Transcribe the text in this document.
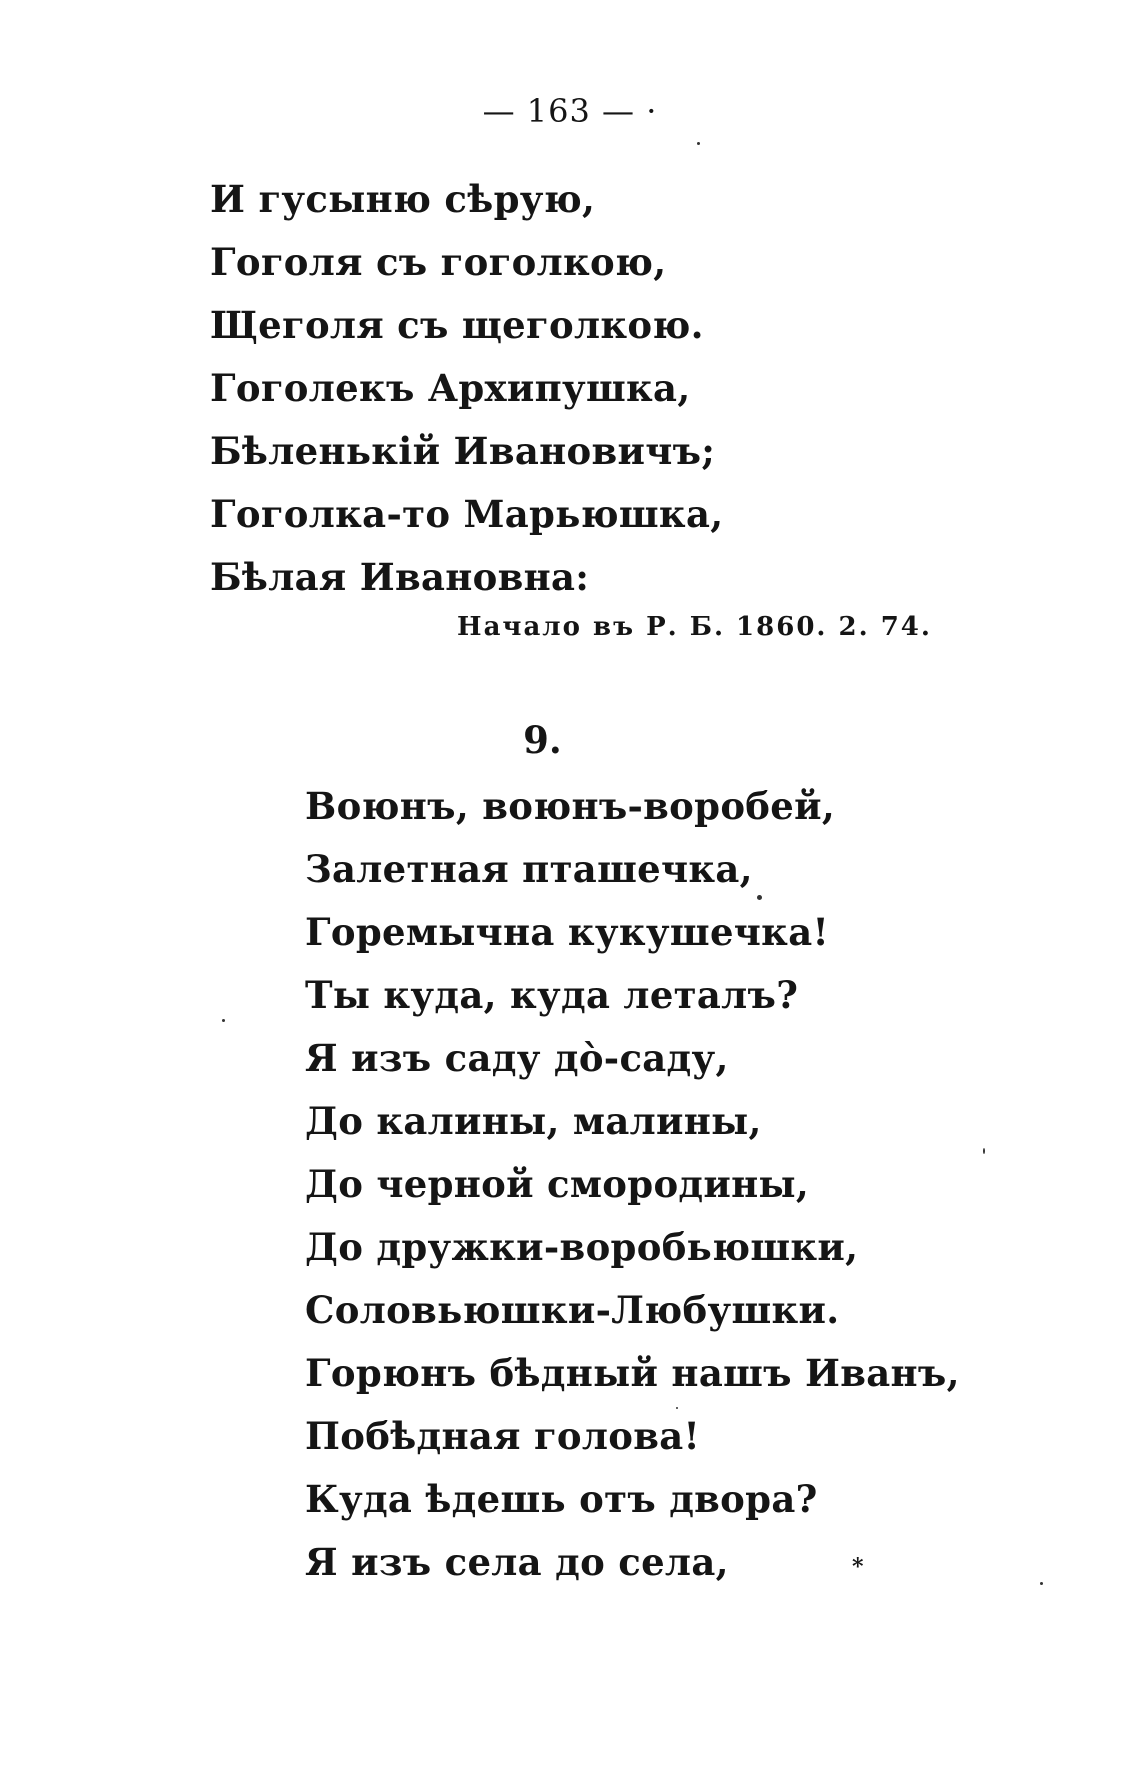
— 163 — ·
И гусыню сѣрую,
Гоголя съ гоголкою,
Щеголя съ щеголкою.
Гоголекъ Архипушка,
Бѣленькій Ивановичъ;
Гоголка-то Марьюшка,
Бѣлая Ивановна:
Начало въ Р. Б. 1860. 2. 74.
9.
Воюнъ, воюнъ-воробей,
Залетная пташечка,
Горемычна кукушечка!
Ты куда, куда леталъ?
Я изъ саду до̀-саду,
До калины, малины,
До черной смородины,
До дружки-воробьюшки,
Соловьюшки-Любушки.
Горюнъ бѣдный нашъ Иванъ,
Побѣдная голова!
Куда ѣдешь отъ двора?
Я изъ села до села,	*
